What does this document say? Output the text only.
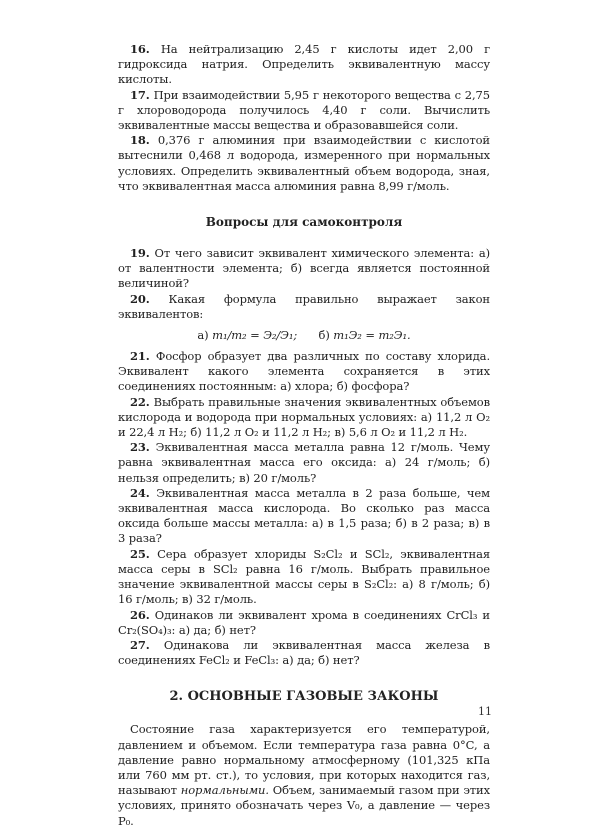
16. На нейтрализацию 2,45 г кислоты идет 2,00 г гидроксида натрия. Определить эквивалентную массу кислоты.

17. При взаимодействии 5,95 г некоторого вещества с 2,75 г хлороводорода получилось 4,40 г соли. Вычислить эквивалентные массы вещества и образовавшейся соли.

18. 0,376 г алюминия при взаимодействии с кислотой вытеснили 0,468 л водорода, измеренного при нормальных условиях. Определить эквивалентный объем водорода, зная, что эквивалентная масса алюминия равна 8,99 г/моль.

Вопросы для самоконтроля

19. От чего зависит эквивалент химического элемента: а) от валентности элемента; б) всегда является постоянной величиной?

20. Какая формула правильно выражает закон эквивалентов:

а) m₁/m₂ = Э₂/Э₁; б) m₁Э₂ = m₂Э₁.

21. Фосфор образует два различных по составу хлорида. Эквивалент какого элемента сохраняется в этих соединениях постоянным: а) хлора; б) фосфора?

22. Выбрать правильные значения эквивалентных объемов кислорода и водорода при нормальных условиях: а) 11,2 л O₂ и 22,4 л H₂; б) 11,2 л O₂ и 11,2 л H₂; в) 5,6 л O₂ и 11,2 л H₂.

23. Эквивалентная масса металла равна 12 г/моль. Чему равна эквивалентная масса его оксида: а) 24 г/моль; б) нельзя определить; в) 20 г/моль?

24. Эквивалентная масса металла в 2 раза больше, чем эквивалентная масса кислорода. Во сколько раз масса оксида больше массы металла: а) в 1,5 раза; б) в 2 раза; в) в 3 раза?

25. Сера образует хлориды S₂Cl₂ и SCl₂, эквивалентная масса серы в SCl₂ равна 16 г/моль. Выбрать правильное значение эквивалентной массы серы в S₂Cl₂: а) 8 г/моль; б) 16 г/моль; в) 32 г/моль.

26. Одинаков ли эквивалент хрома в соединениях CrCl₃ и Cr₂(SO₄)₃: а) да; б) нет?

27. Одинакова ли эквивалентная масса железа в соединениях FeCl₂ и FeCl₃: а) да; б) нет?

2. ОСНОВНЫЕ ГАЗОВЫЕ ЗАКОНЫ

Состояние газа характеризуется его температурой, давлением и объемом. Если температура газа равна 0°C, а давление равно нормальному атмосферному (101,325 кПа или 760 мм рт. ст.), то условия, при которых находится газ, называют нормальными. Объем, занимаемый газом при этих условиях, принято обозначать через V₀, а давление — через P₀.

11
